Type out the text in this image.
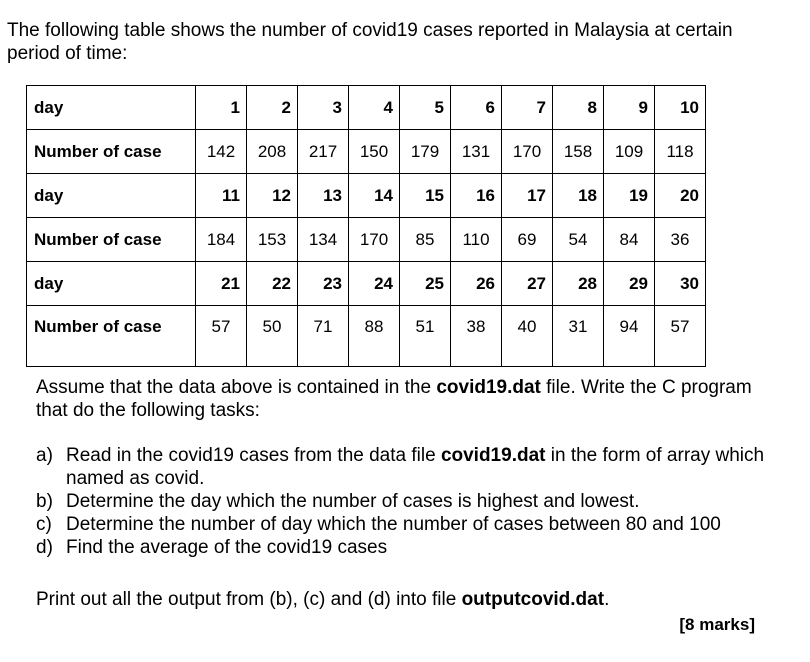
The following table shows the number of covid19 cases reported in Malaysia at certain period of time:
day	1	2	3	4	5	6	7	8	9	10
Number of case	142	208	217	150	179	131	170	158	109	118
day	11	12	13	14	15	16	17	18	19	20
Number of case	184	153	134	170	85	110	69	54	84	36
day	21	22	23	24	25	26	27	28	29	30
Number of case	57	50	71	88	51	38	40	31	94	57
Assume that the data above is contained in the covid19.dat file. Write the C program that do the following tasks:
a) Read in the covid19 cases from the data file covid19.dat in the form of array which named as covid.
b) Determine the day which the number of cases is highest and lowest.
c) Determine the number of day which the number of cases between 80 and 100
d) Find the average of the covid19 cases
Print out all the output from (b), (c) and (d) into file outputcovid.dat.
[8 marks]
